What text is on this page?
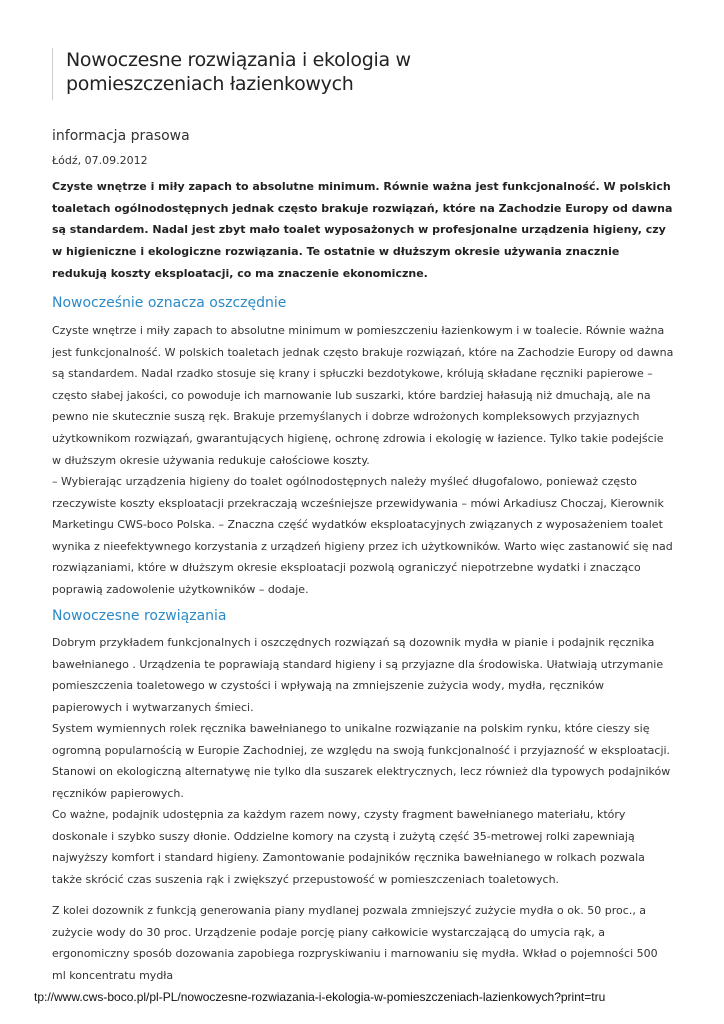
Nowoczesne rozwiązania i ekologia w
pomieszczeniach łazienkowych

informacja prasowa

Łódź, 07.09.2012

Czyste wnętrze i miły zapach to absolutne minimum. Równie ważna jest funkcjonalność. W polskich toaletach ogólnodostępnych jednak często brakuje rozwiązań, które na Zachodzie Europy od dawna są standardem. Nadal jest zbyt mało toalet wyposażonych w profesjonalne urządzenia higieny, czy w higieniczne i ekologiczne rozwiązania. Te ostatnie w dłuższym okresie używania znacznie redukują koszty eksploatacji, co ma znaczenie ekonomiczne.

Nowocześnie oznacza oszczędnie

Czyste wnętrze i miły zapach to absolutne minimum w pomieszczeniu łazienkowym i w toalecie. Równie ważna jest funkcjonalność. W polskich toaletach jednak często brakuje rozwiązań, które na Zachodzie Europy od dawna są standardem. Nadal rzadko stosuje się krany i spłuczki bezdotykowe, królują składane ręczniki papierowe – często słabej jakości, co powoduje ich marnowanie lub suszarki, które bardziej hałasują niż dmuchają, ale na pewno nie skutecznie suszą ręk. Brakuje przemyślanych i dobrze wdrożonych kompleksowych przyjaznych użytkownikom rozwiązań, gwarantujących higienę, ochronę zdrowia i ekologię w łazience. Tylko takie podejście w dłuższym okresie używania redukuje całościowe koszty.

– Wybierając urządzenia higieny do toalet ogólnodostępnych należy myśleć długofalowo, ponieważ często rzeczywiste koszty eksploatacji przekraczają wcześniejsze przewidywania – mówi Arkadiusz Choczaj, Kierownik Marketingu CWS-boco Polska. – Znaczna część wydatków eksploatacyjnych związanych z wyposażeniem toalet wynika z nieefektywnego korzystania z urządzeń higieny przez ich użytkowników. Warto więc zastanowić się nad rozwiązaniami, które w dłuższym okresie eksploatacji pozwolą ograniczyć niepotrzebne wydatki i znacząco poprawią zadowolenie użytkowników – dodaje.

Nowoczesne rozwiązania

Dobrym przykładem funkcjonalnych i oszczędnych rozwiązań są dozownik mydła w pianie i podajnik ręcznika bawełnianego . Urządzenia te poprawiają standard higieny i są przyjazne dla środowiska. Ułatwiają utrzymanie pomieszczenia toaletowego w czystości i wpływają na zmniejszenie zużycia wody, mydła, ręczników papierowych i wytwarzanych śmieci.

System wymiennych rolek ręcznika bawełnianego to unikalne rozwiązanie na polskim rynku, które cieszy się ogromną popularnością w Europie Zachodniej, ze względu na swoją funkcjonalność i przyjazność w eksploatacji. Stanowi on ekologiczną alternatywę nie tylko dla suszarek elektrycznych, lecz również dla typowych podajników ręczników papierowych.

Co ważne, podajnik udostępnia za każdym razem nowy, czysty fragment bawełnianego materiału, który doskonale i szybko suszy dłonie. Oddzielne komory na czystą i zużytą część 35-metrowej rolki zapewniają najwyższy komfort i standard higieny. Zamontowanie podajników ręcznika bawełnianego w rolkach pozwala także skrócić czas suszenia rąk i zwiększyć przepustowość w pomieszczeniach toaletowych.

Z kolei dozownik z funkcją generowania piany mydlanej pozwala zmniejszyć zużycie mydła o ok. 50 proc., a zużycie wody do 30 proc. Urządzenie podaje porcję piany całkowicie wystarczającą do umycia rąk, a ergonomiczny sposób dozowania zapobiega rozpryskiwaniu i marnowaniu się mydła. Wkład o pojemności 500 ml koncentratu mydła

tp://www.cws-boco.pl/pl-PL/nowoczesne-rozwiazania-i-ekologia-w-pomieszczeniach-lazienkowych?print=tru
